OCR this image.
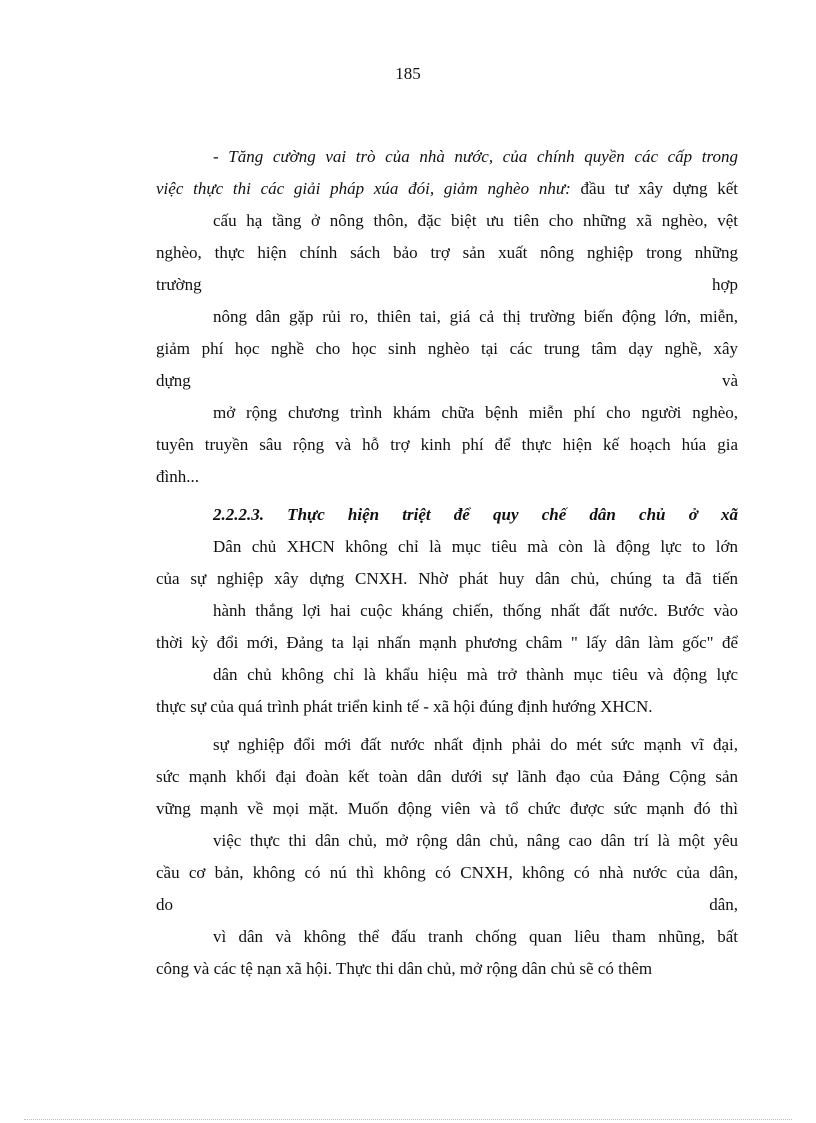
185
- Tăng cường vai trò của nhà nước, của chính quyền các cấp trong
việc thực thi các giải pháp xúa đói, giảm nghèo như: đầu tư xây dựng kết
cấu hạ tầng ở nông thôn, đặc biệt ưu tiên cho những xã nghèo, vệt
nghèo, thực hiện chính sách bảo trợ sản xuất nông nghiệp trong những
trường hợp
nông dân gặp rủi ro, thiên tai, giá cả thị trường biến động lớn, miễn,
giảm phí học nghề cho học sinh nghèo tại các trung tâm dạy nghề, xây
dựng và
mở rộng chương trình khám chữa bệnh miễn phí cho người nghèo,
tuyên truyền sâu rộng và hỗ trợ kinh phí để thực hiện kế hoạch húa gia
đình...
2.2.2.3. Thực hiện triệt để quy chế dân chủ ở xã
Dân chủ XHCN không chỉ là mục tiêu mà còn là động lực to lớn
của sự nghiệp xây dựng CNXH. Nhờ phát huy dân chủ, chúng ta đã tiến
hành thắng lợi hai cuộc kháng chiến, thống nhất đất nước. Bước vào
thời kỳ đổi mới, Đảng ta lại nhấn mạnh phương châm " lấy dân làm gốc" để
dân chủ không chỉ là khẩu hiệu mà trở thành mục tiêu và động lực
thực sự của quá trình phát triển kinh tế - xã hội đúng định hướng XHCN.
sự nghiệp đổi mới đất nước nhất định phải do mét sức mạnh vĩ đại,
sức mạnh khối đại đoàn kết toàn dân dưới sự lãnh đạo của Đảng Cộng sản
vững mạnh về mọi mặt. Muốn động viên và tổ chức được sức mạnh đó thì
việc thực thi dân chủ, mở rộng dân chủ, nâng cao dân trí là một yêu
cầu cơ bản, không có nú thì không có CNXH, không có nhà nước của dân,
do dân,
vì dân và không thể đấu tranh chống quan liêu tham nhũng, bất
công và các tệ nạn xã hội. Thực thi dân chủ, mở rộng dân chủ sẽ có thêm
